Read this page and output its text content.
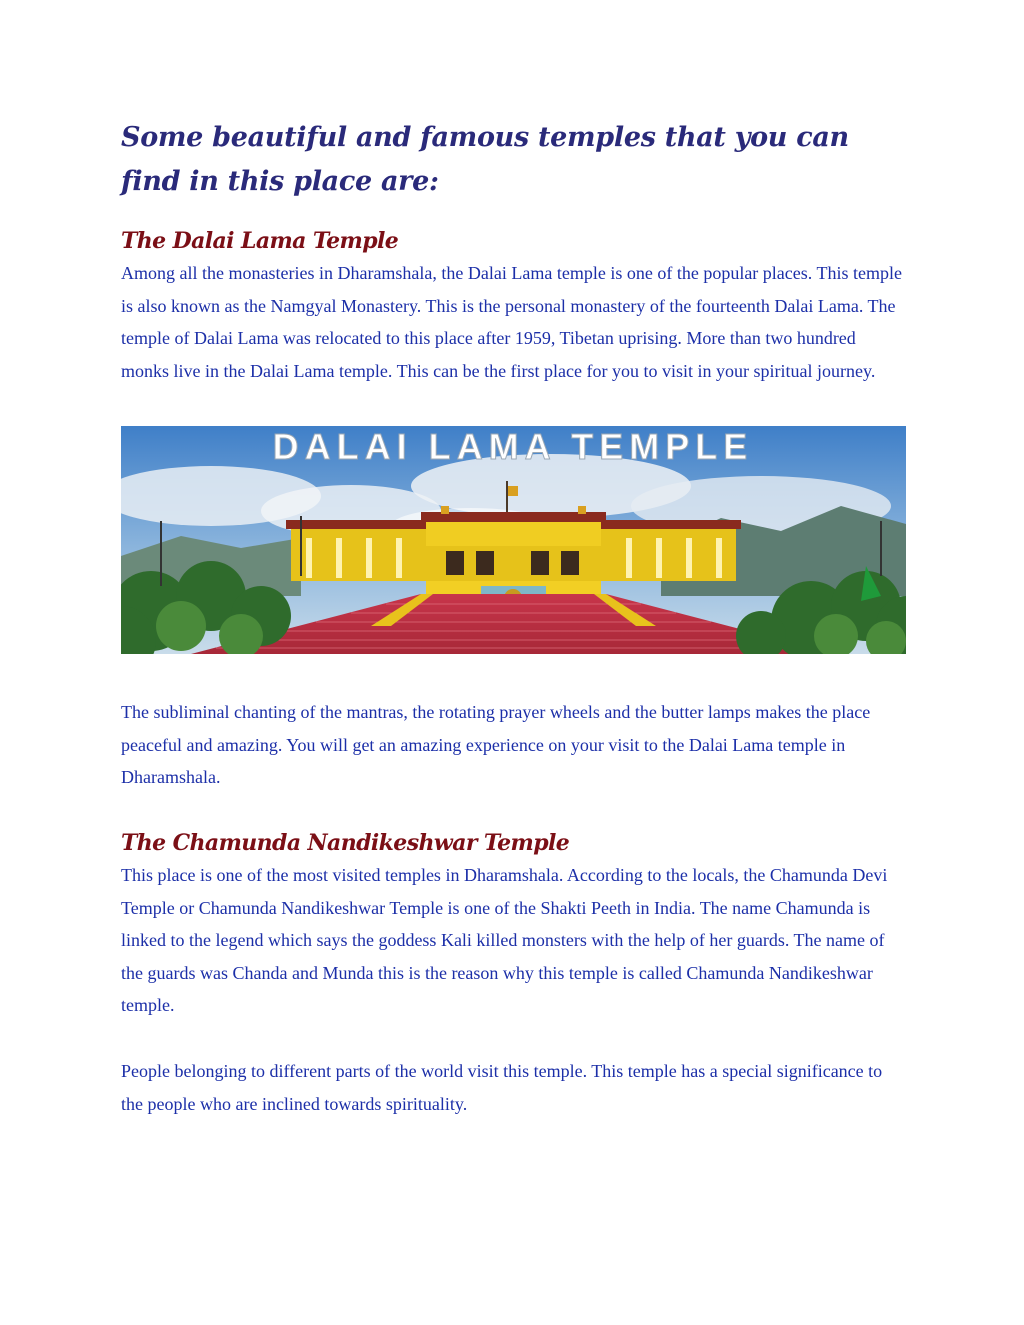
Some beautiful and famous temples that you can find in this place are:
The Dalai Lama Temple

Among all the monasteries in Dharamshala, the Dalai Lama temple is one of the popular places. This temple is also known as the Namgyal Monastery. This is the personal monastery of the fourteenth Dalai Lama. The temple of Dalai Lama was relocated to this place after 1959, Tibetan uprising. More than two hundred monks live in the Dalai Lama temple. This can be the first place for you to visit in your spiritual journey.

DALAI LAMA TEMPLE

The subliminal chanting of the mantras, the rotating prayer wheels and the butter lamps makes the place peaceful and amazing. You will get an amazing experience on your visit to the Dalai Lama temple in Dharamshala.

The Chamunda Nandikeshwar Temple

This place is one of the most visited temples in Dharamshala. According to the locals, the Chamunda Devi Temple or Chamunda Nandikeshwar Temple is one of the Shakti Peeth in India. The name Chamunda is linked to the legend which says the goddess Kali killed monsters with the help of her guards. The name of the guards was Chanda and Munda this is the reason why this temple is called Chamunda Nandikeshwar temple.

People belonging to different parts of the world visit this temple. This temple has a special significance to the people who are inclined towards spirituality.
